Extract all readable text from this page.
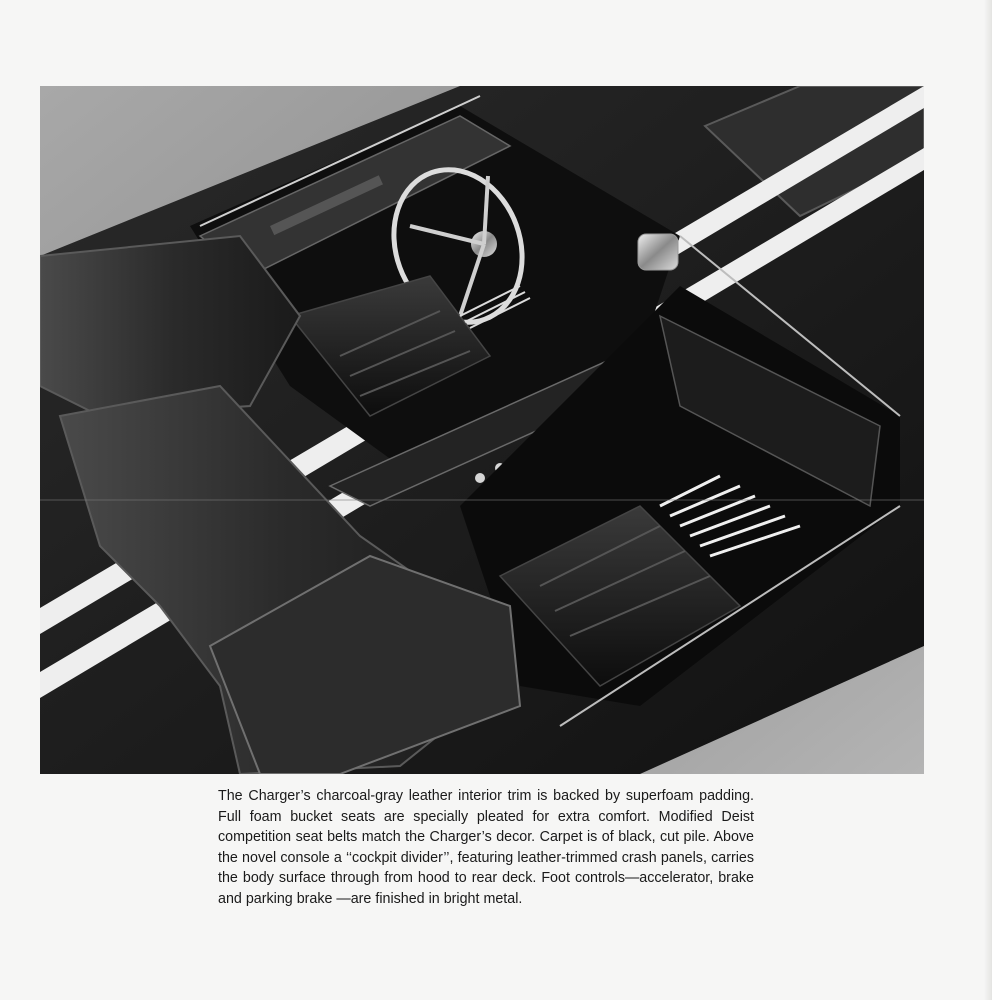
The Charger’s charcoal-gray leather interior trim is backed by superfoam padding. Full foam bucket seats are specially pleated for extra comfort. Modified Deist competition seat belts match the Charger’s decor. Carpet is of black, cut pile. Above the novel console a ‘‘cockpit divider’’, featuring leather-trimmed crash panels, carries the body surface through from hood to rear deck. Foot controls—accelerator, brake and parking brake —are finished in bright metal.
